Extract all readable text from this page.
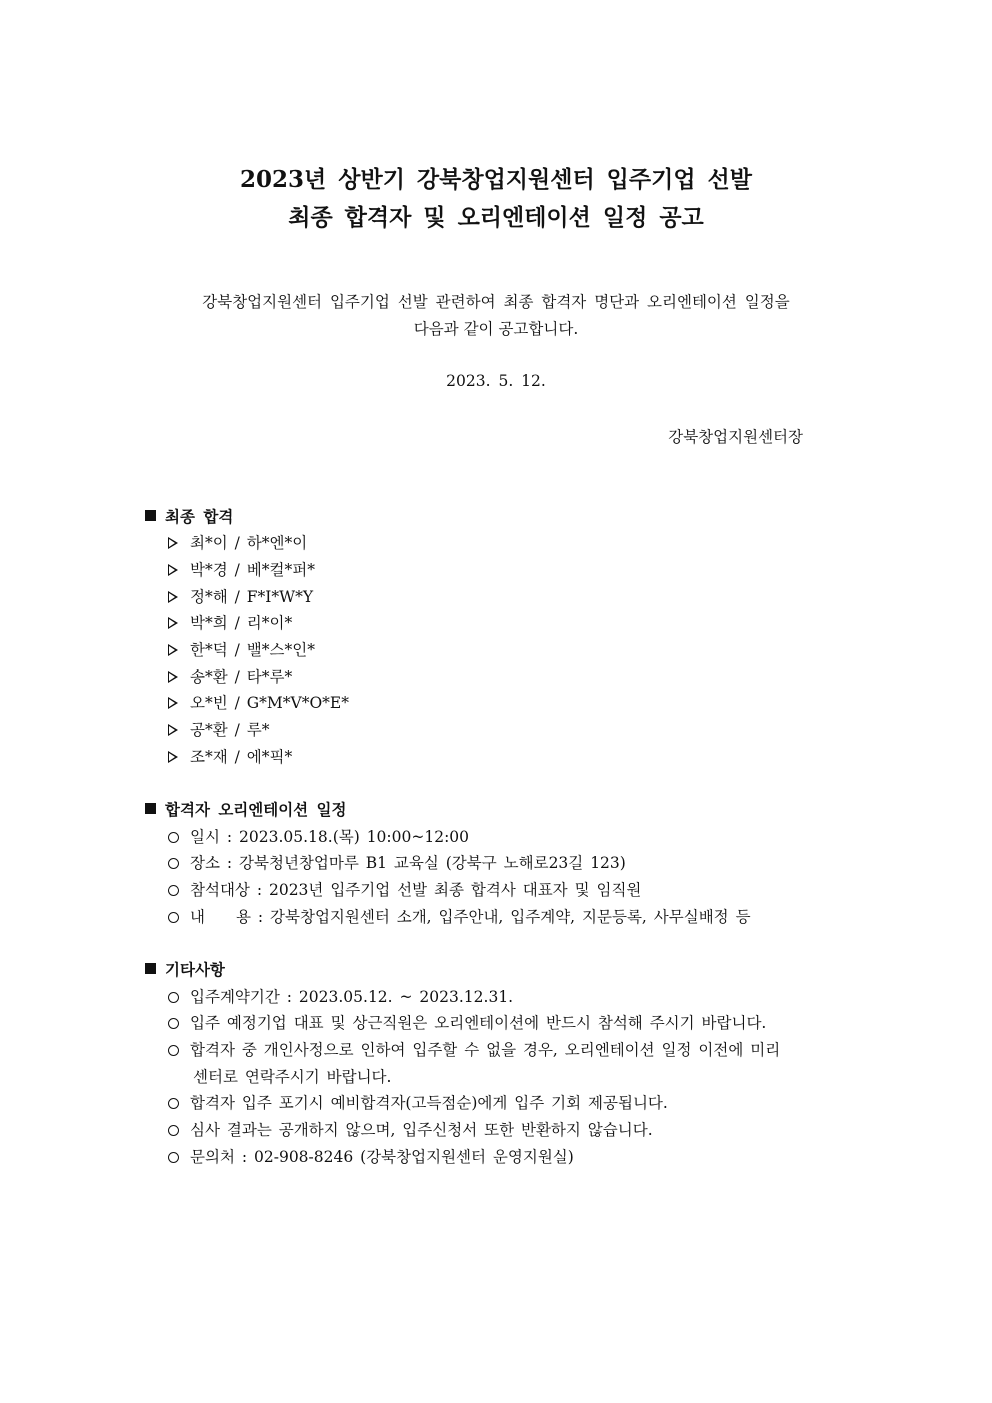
2023년 상반기 강북창업지원센터 입주기업 선발
최종 합격자 및 오리엔테이션 일정 공고
강북창업지원센터 입주기업 선발 관련하여 최종 합격자 명단과 오리엔테이션 일정을
다음과 같이 공고합니다.
2023. 5. 12.
강북창업지원센터장
최종 합격
최*이 / 하*엔*이
박*경 / 베*컬*퍼*
정*해 / F*I*W*Y
박*희 / 리*이*
한*덕 / 밸*스*인*
송*환 / 타*루*
오*빈 / G*M*V*O*E*
공*환 / 루*
조*재 / 에*픽*
합격자 오리엔테이션 일정
일시 : 2023.05.18.(목) 10:00~12:00
장소 : 강북청년창업마루 B1 교육실 (강북구 노해로23길 123)
참석대상 : 2023년 입주기업 선발 최종 합격사 대표자 및 임직원
내　　용 : 강북창업지원센터 소개, 입주안내, 입주계약, 지문등록, 사무실배정 등
기타사항
입주계약기간 : 2023.05.12. ~ 2023.12.31.
입주 예정기업 대표 및 상근직원은 오리엔테이션에 반드시 참석해 주시기 바랍니다.
합격자 중 개인사정으로 인하여 입주할 수 없을 경우, 오리엔테이션 일정 이전에 미리
센터로 연락주시기 바랍니다.
합격자 입주 포기시 예비합격자(고득점순)에게 입주 기회 제공됩니다.
심사 결과는 공개하지 않으며, 입주신청서 또한 반환하지 않습니다.
문의처 : 02-908-8246 (강북창업지원센터 운영지원실)
